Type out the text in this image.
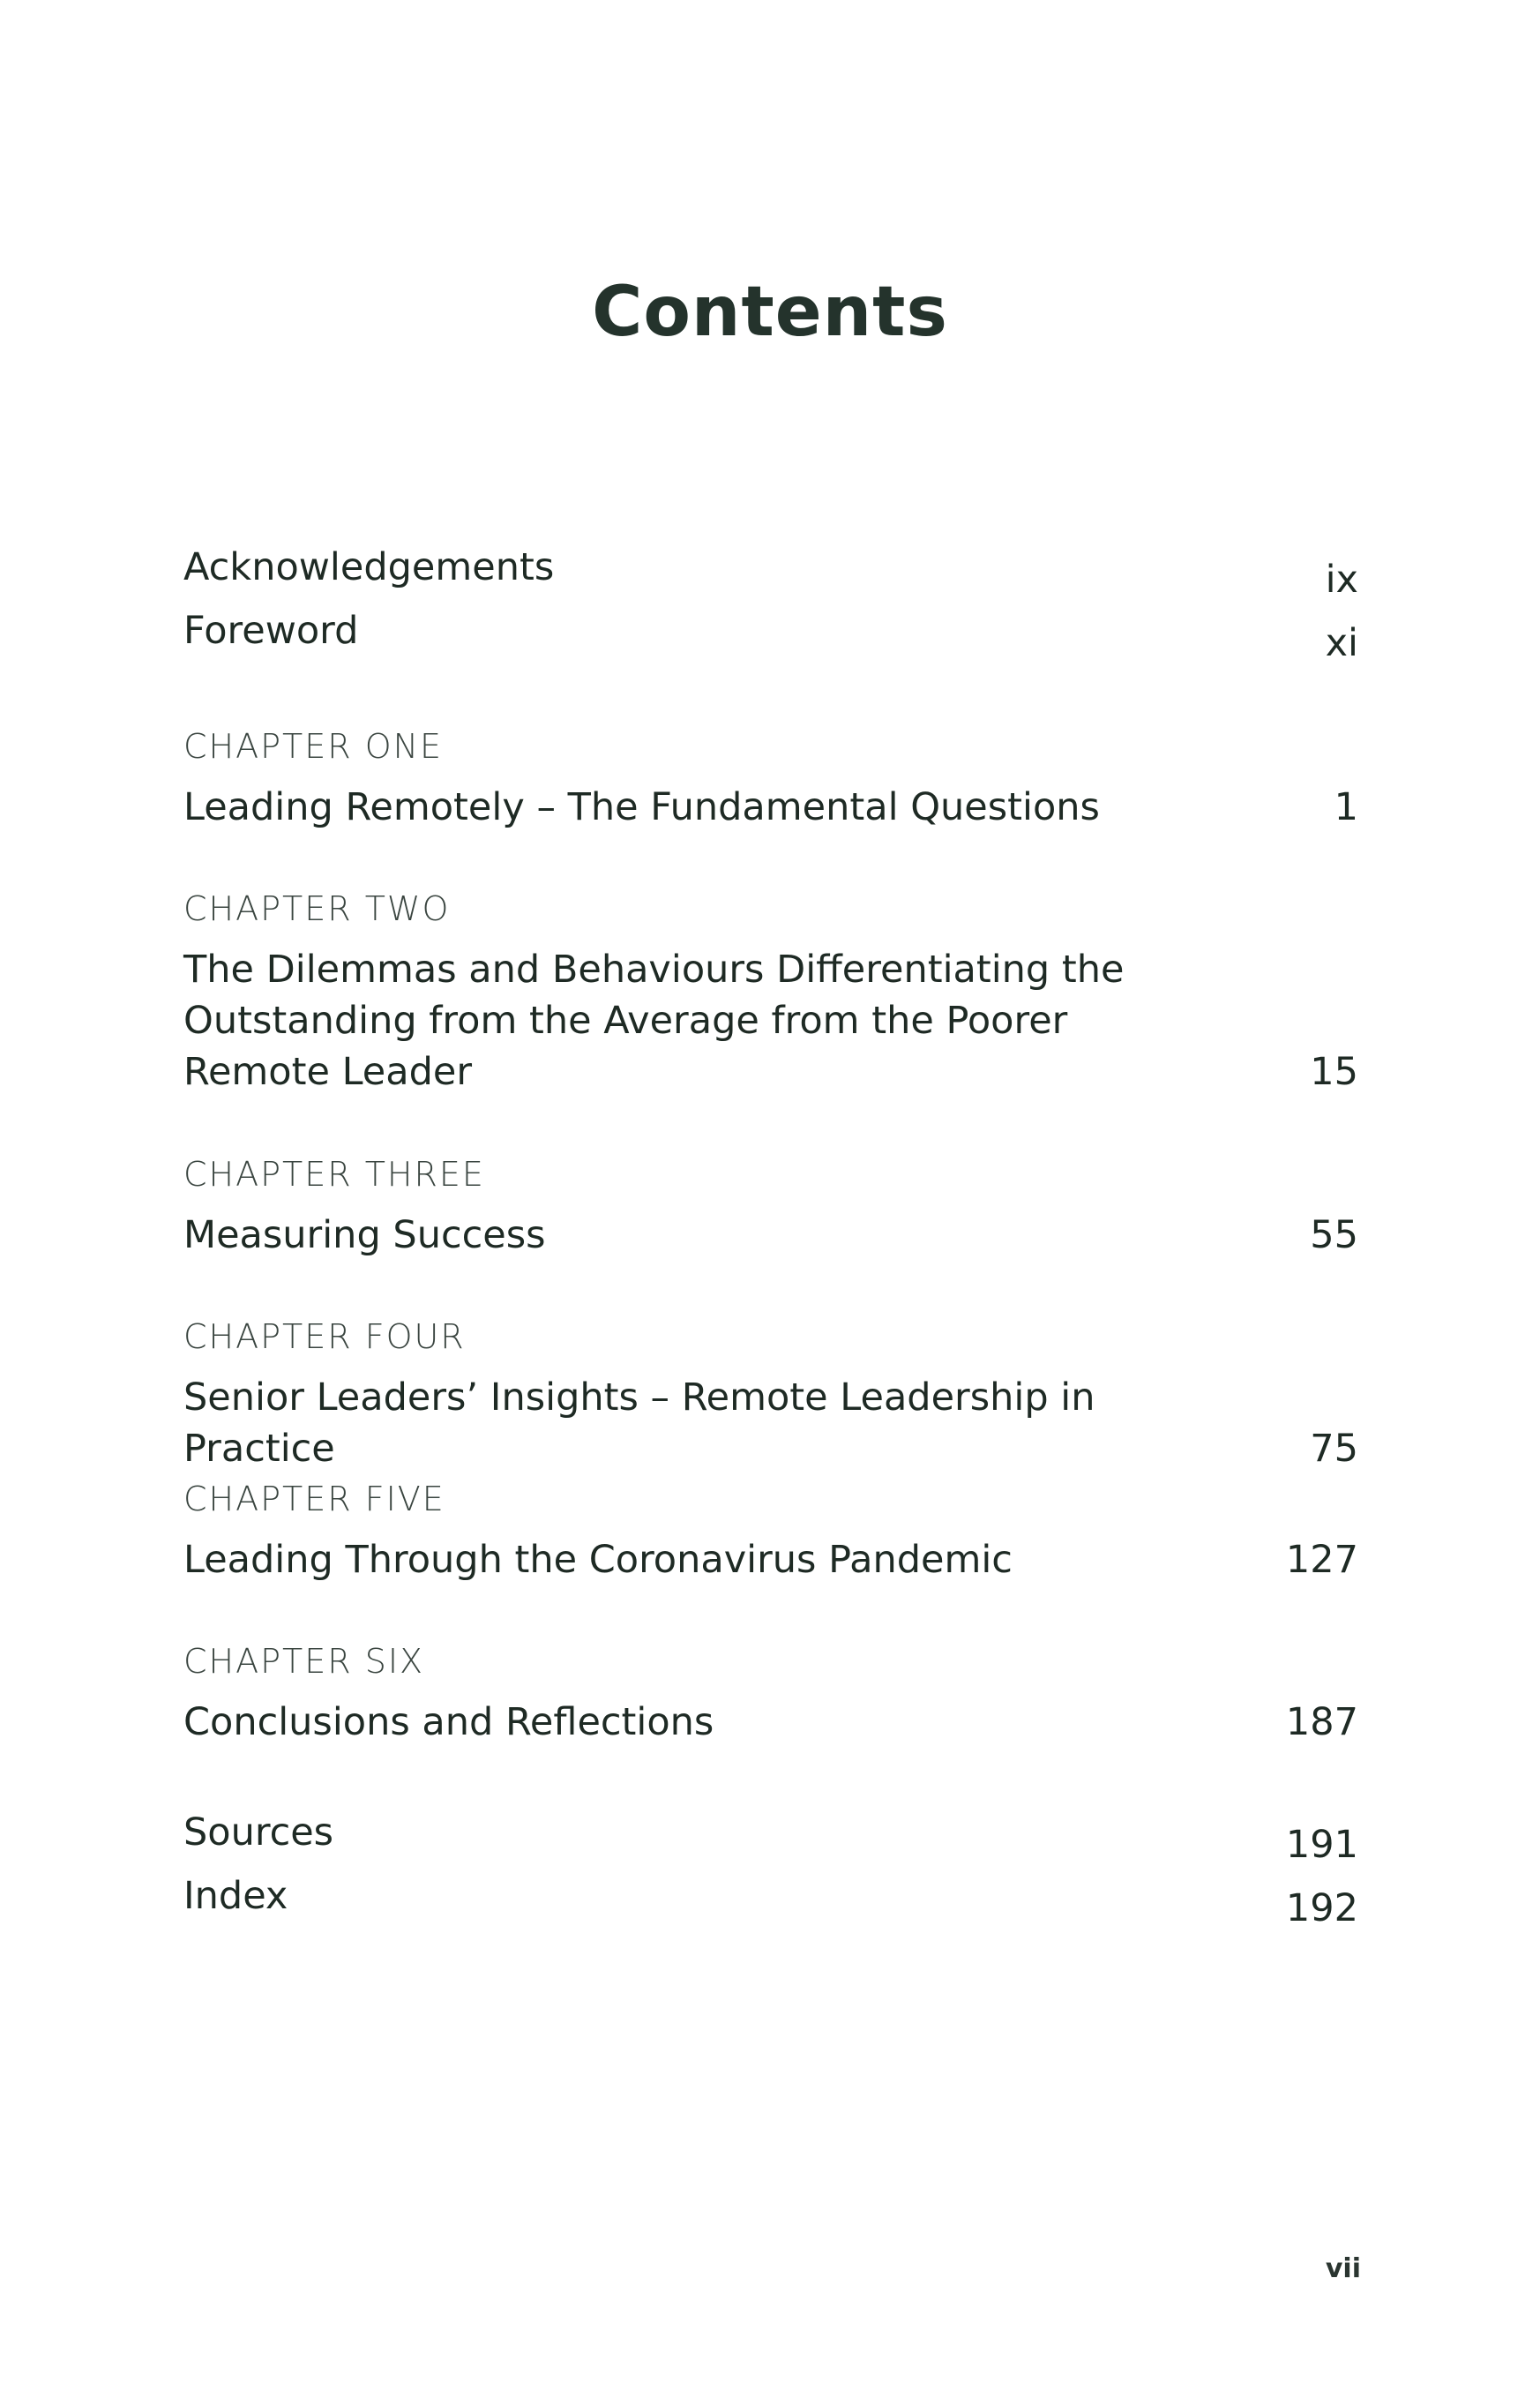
Contents
Acknowledgements	ix
Foreword	xi
CHAPTER ONE
Leading Remotely – The Fundamental Questions	1
CHAPTER TWO
The Dilemmas and Behaviours Differentiating the
Outstanding from the Average from the Poorer
Remote Leader	15
CHAPTER THREE
Measuring Success	55
CHAPTER FOUR
Senior Leaders’ Insights – Remote Leadership in Practice	75
CHAPTER FIVE
Leading Through the Coronavirus Pandemic	127
CHAPTER SIX
Conclusions and Reflections	187
Sources	191
Index	192
vii
